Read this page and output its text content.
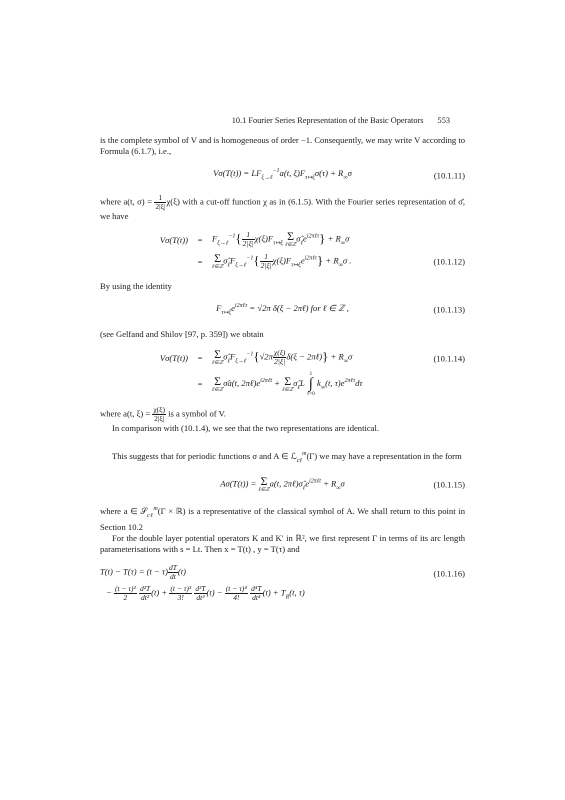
10.1 Fourier Series Representation of the Basic Operators 553

is the complete symbol of V and is homogeneous of order −1. Consequently, we may write V according to Formula (6.1.7), i.e.,

$V\sigma(T(t)) = LF_{\xi\to\ell}^{-1}a(t$, $\xi)F_{\tau↦\xi}\sigma(\tau) + R_\infty\sigma$	(10.1.11)

where a(t, $\sigma) = \frac{1}{2|\xi|} \chi(\xi)$ with a cut-off function χ as in (6.1.5). With the Fourier series representation of σ̂, we have

Vσ(T(t))	=	$F_{\xi\to\ell}^{-1}\{ \frac{1}{2|\xi|} \chi(\xi)F_{\tau↦\xi}$
Σ
ℓ∈ℤ
$\sigmâ_\ell e^{i2\pi\ell\tau}\} + R_\infty\sigma$
= Σ
ℓ∈ℤ
$\sigmâ_\ell F_{\xi\to\ell}^{-1}\{ \frac{1}{2|\xi|} \chi(\xi)F_{\tau↦\xi}e^{i2\pi\ell\tau}\} + R_\infty\sigma$ .	(10.1.12)

By using the identity

$F_{\tau↦\xi}e^{i2\pi\ell\tau} = √2\pi$ δ(ξ − 2πℓ) for ℓ ∈ ℤ ,	(10.1.13)

(see Gelfand and Shilov [97, p. 359]) we obtain

Vσ(T(t))	= Σ
ℓ∈ℤ
$\sigmâ_\ell F_{\xi\to\ell}^{-1}\{√2\pi \frac{\chi(\xi)}{2|\xi|} \delta(\xi$ − 2πℓ)} + $R_\infty\sigma$
= Σ
ℓ∈ℤ
σ̂a(t, $2\pi\ell)e^{i2\pi\ell t} + \Sigma$
ℓ∈ℤ
$\sigmâ_\ell L$
1
∫
τ=0
$k_\infty(t$, $\tau)e^{2\pi\ell\tau}d\tau$
(10.1.14)

where a(t, $\xi) = \frac{\chi(\xi)}{2|\xi|}$ is a symbol of V.

In comparison with (10.1.4), we see that the two representations are identical.

This suggests that for periodic functions σ and A ∈ ℒ$_{c\ell}^m$(Γ) we may have a representation in the form

Aσ(T(t)) = Σ
ℓ∈ℤ
a(t, $2\pi\ell)\sigmâ_\ell e^{i2\pi\ell t} + R_\infty\sigma$	(10.1.15)

where a ∈ 𝒮$_{c\ell}^m$(Γ × ℝ) is a representative of the classical symbol of A. We shall return to this point in Section 10.2

For the double layer potential operators K and K′ in ℝ², we first represent Γ in terms of its arc length parameterisations with s = Lt. Then x = T(t) , y = T(τ) and

$T(t) - T(\tau) = (t - \tau) \frac{dT}{dt} (t)$	(10.1.16)
− $\frac{\text{(t − τ)²}}{2}$
$\frac{\text{d²T}}{\text{dt²}} (t) + \frac{\text{(t − τ)³}}{3!}$
$\frac{\text{d³T}}{\text{dt³}} (t) - \frac{\text{(t − τ)⁴}}{4!}$
$\frac{\text{d⁴T}}{\text{dt⁴}} (t) + T_R(t$, τ)
